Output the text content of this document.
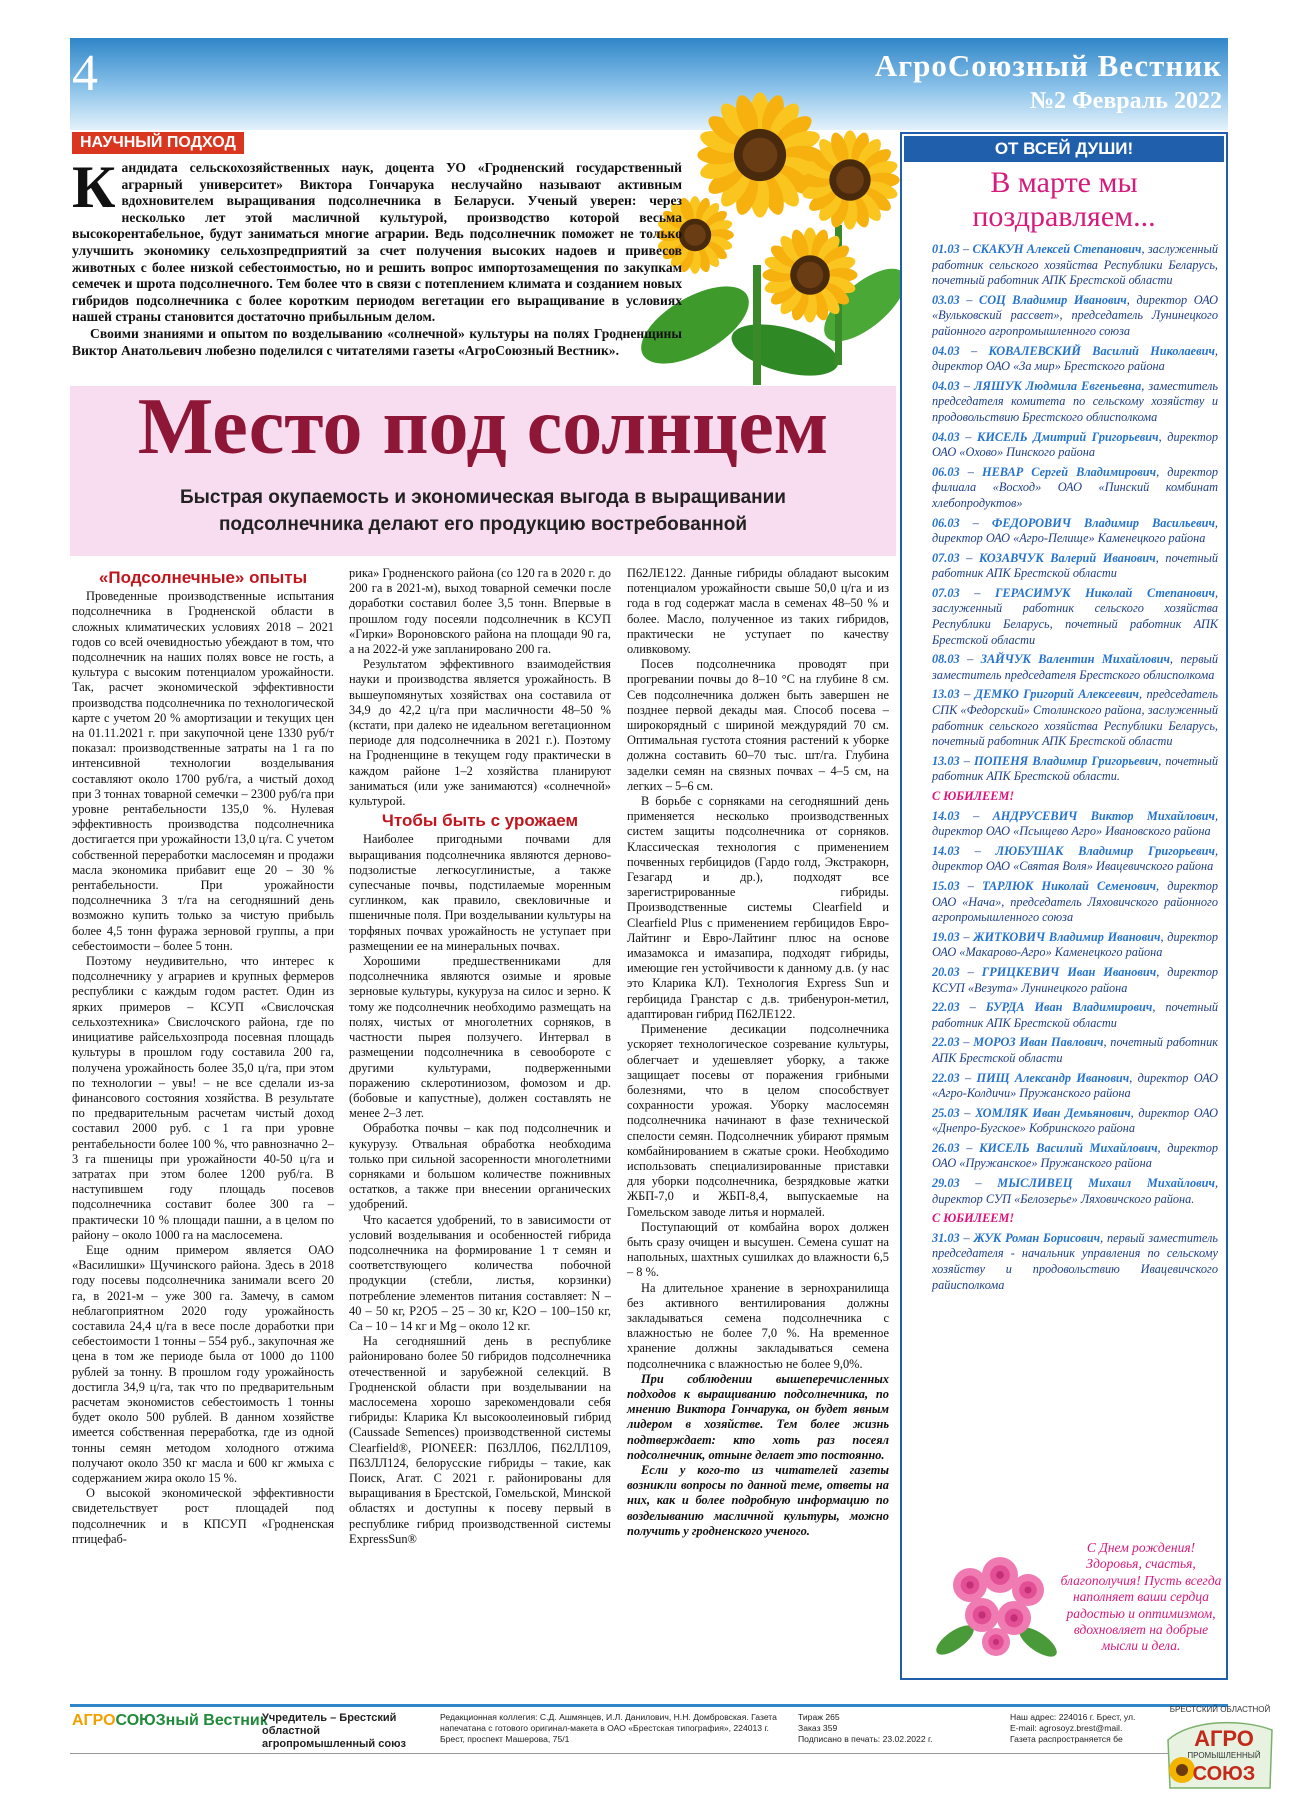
4	АгроСоюзный Вестник
№2 Февраль 2022
НАУЧНЫЙ ПОДХОД
К андидата сельскохозяйственных наук, доцента УО «Гродненский государственный аграрный университет» Виктора Гончарука неслучайно называют активным вдохновителем выращивания подсолнечника в Беларуси. Ученый уверен: через несколько лет этой масличной культурой, производство которой весьма высокорентабельное, будут заниматься многие аграрии. Ведь подсолнечник поможет не только улучшить экономику сельхозпредприятий за счет получения высоких надоев и привесов животных с более низкой себестоимостью, но и решить вопрос импортозамещения по закупкам семечек и шрота подсолнечного. Тем более что в связи с потеплением климата и созданием новых гибридов подсолнечника с более коротким периодом вегетации его выращивание в условиях нашей страны становится достаточно прибыльным делом.

Своими знаниями и опытом по возделыванию «солнечной» культуры на полях Гродненщины Виктор Анатольевич любезно поделился с читателями газеты «АгроСоюзный Вестник».

Место под солнцем
Быстрая окупаемость и экономическая выгода в выращивании подсолнечника делают его продукцию востребованной
«Подсолнечные» опыты

Проведенные производственные испытания подсолнечника в Гродненской области в сложных климатических условиях 2018 – 2021 годов со всей очевидностью убеждают в том, что подсолнечник на наших полях вовсе не гость, а культура с высоким потенциалом урожайности. Так, расчет экономической эффективности производства подсолнечника по технологической карте с учетом 20 % амортизации и текущих цен на 01.11.2021 г. при закупочной цене 1330 руб/т показал: производственные затраты на 1 га по интенсивной технологии возделывания составляют около 1700 руб/га, а чистый доход при 3 тоннах товарной семечки – 2300 руб/га при уровне рентабельности 135,0 %. Нулевая эффективность производства подсолнечника достигается при урожайности 13,0 ц/га. С учетом собственной переработки маслосемян и продажи масла экономика прибавит еще 20 – 30 % рентабельности. При урожайности подсолнечника 3 т/га на сегодняшний день возможно купить только за чистую прибыль более 4,5 тонн фуража зерновой группы, а при себестоимости – более 5 тонн.

Поэтому неудивительно, что интерес к подсолнечнику у аграриев и крупных фермеров республики с каждым годом растет. Один из ярких примеров – КСУП «Свислочская сельхозтехника» Свислочского района, где по инициативе райсельхозпрода посевная площадь культуры в прошлом году составила 200 га, получена урожайность более 35,0 ц/га, при этом по технологии – увы! – не все сделали из-за финансового состояния хозяйства. В результате по предварительным расчетам чистый доход составил 2000 руб. с 1 га при уровне рентабельности более 100 %, что равнозначно 2–3 га пшеницы при урожайности 40-50 ц/га и затратах при этом более 1200 руб/га. В наступившем году площадь посевов подсолнечника составит более 300 га – практически 10 % площади пашни, а в целом по району – около 1000 га на маслосемена.

Еще одним примером является ОАО «Василишки» Щучинского района. Здесь в 2018 году посевы подсолнечника занимали всего 20 га, в 2021-м – уже 300 га. Замечу, в самом неблагоприятном 2020 году урожайность составила 24,4 ц/га в весе после доработки при себестоимости 1 тонны – 554 руб., закупочная же цена в том же периоде была от 1000 до 1100 рублей за тонну. В прошлом году урожайность достигла 34,9 ц/га, так что по предварительным расчетам экономистов себестоимость 1 тонны будет около 500 рублей. В данном хозяйстве имеется собственная переработка, где из одной тонны семян методом холодного отжима получают около 350 кг масла и 600 кг жмыха с содержанием жира около 15 %.

О высокой экономической эффективности свидетельствует рост площадей под подсолнечник и в КПСУП «Гродненская птицефаб-

рика» Гродненского района (со 120 га в 2020 г. до 200 га в 2021-м), выход товарной семечки после доработки составил более 3,5 тонн. Впервые в прошлом году посеяли подсолнечник в КСУП «Гирки» Вороновского района на площади 90 га, а на 2022-й уже запланировано 200 га.

Результатом эффективного взаимодействия науки и производства является урожайность. В вышеупомянутых хозяйствах она составила от 34,9 до 42,2 ц/га при масличности 48–50 % (кстати, при далеко не идеальном вегетационном периоде для подсолнечника в 2021 г.). Поэтому на Гродненщине в текущем году практически в каждом районе 1–2 хозяйства планируют заниматься (или уже занимаются) «солнечной» культурой.

Чтобы быть с урожаем

Наиболее пригодными почвами для выращивания подсолнечника являются дерново-подзолистые легкосуглинистые, а также супесчаные почвы, подстилаемые моренным суглинком, как правило, свекловичные и пшеничные поля. При возделывании культуры на торфяных почвах урожайность не уступает при размещении ее на минеральных почвах.

Хорошими предшественниками для подсолнечника являются озимые и яровые зерновые культуры, кукуруза на силос и зерно. К тому же подсолнечник необходимо размещать на полях, чистых от многолетних сорняков, в частности пырея ползучего. Интервал в размещении подсолнечника в севообороте с другими культурами, подверженными поражению склеротиниозом, фомозом и др. (бобовые и капустные), должен составлять не менее 2–3 лет.

Обработка почвы – как под подсолнечник и кукурузу. Отвальная обработка необходима только при сильной засоренности многолетними сорняками и большом количестве пожнивных остатков, а также при внесении органических удобрений.

Что касается удобрений, то в зависимости от условий возделывания и особенностей гибрида подсолнечника на формирование 1 т семян и соответствующего количества побочной продукции (стебли, листья, корзинки) потребление элементов питания составляет: N – 40 – 50 кг, P2O5 – 25 – 30 кг, K2O – 100–150 кг, Ca – 10 – 14 кг и Mg – около 12 кг.

На сегодняшний день в республике районировано более 50 гибридов подсолнечника отечественной и зарубежной селекций. В Гродненской области при возделывании на маслосемена хорошо зарекомендовали себя гибриды: Кларика Кл высокоолеиновый гибрид (Caussade Semences) производственной системы Clearfield®, PIONEER: П63ЛЛ06, П62ЛЛ109, П63ЛЛ124, белорусские гибриды – такие, как Поиск, Агат. С 2021 г. районированы для выращивания в Брестской, Гомельской, Минской областях и доступны к посеву первый в республике гибрид производственной системы ExpressSun®

П62ЛЕ122. Данные гибриды обладают высоким потенциалом урожайности свыше 50,0 ц/га и из года в год содержат масла в семенах 48–50 % и более. Масло, полученное из таких гибридов, практически не уступает по качеству оливковому.

Посев подсолнечника проводят при прогревании почвы до 8–10 °С на глубине 8 см. Сев подсолнечника должен быть завершен не позднее первой декады мая. Способ посева – широкорядный с шириной междурядий 70 см. Оптимальная густота стояния растений к уборке должна составить 60–70 тыс. шт/га. Глубина заделки семян на связных почвах – 4–5 см, на легких – 5–6 см.

В борьбе с сорняками на сегодняшний день применяется несколько производственных систем защиты подсолнечника от сорняков. Классическая технология с применением почвенных гербицидов (Гардо голд, Экстракорн, Гезагард и др.), подходят все зарегистрированные гибриды. Производственные системы Clearfield и Clearfield Plus с применением гербицидов Евро-Лайтинг и Евро-Лайтинг плюс на основе имазамокса и имазапира, подходят гибриды, имеющие ген устойчивости к данному д.в. (у нас это Кларика КЛ). Технология Express Sun и гербицида Гранстар с д.в. трибенурон-метил, адаптирован гибрид П62ЛЕ122.

Применение десикации подсолнечника ускоряет технологическое созревание культуры, облегчает и удешевляет уборку, а также защищает посевы от поражения грибными болезнями, что в целом способствует сохранности урожая. Уборку маслосемян подсолнечника начинают в фазе технической спелости семян. Подсолнечник убирают прямым комбайнированием в сжатые сроки. Необходимо использовать специализированные приставки для уборки подсолнечника, безрядковые жатки ЖБП-7,0 и ЖБП-8,4, выпускаемые на Гомельском заводе литья и нормалей.

Поступающий от комбайна ворох должен быть сразу очищен и высушен. Семена сушат на напольных, шахтных сушилках до влажности 6,5 – 8 %.

На длительное хранение в зернохранилища без активного вентилирования должны закладываться семена подсолнечника с влажностью не более 7,0 %. На временное хранение должны закладываться семена подсолнечника с влажностью не более 9,0%.

При соблюдении вышеперечисленных подходов к выращиванию подсолнечника, по мнению Виктора Гончарука, он будет явным лидером в хозяйстве. Тем более жизнь подтверждает: кто хоть раз посеял подсолнечник, отныне делает это постоянно.

Если у кого-то из читателей газеты возникли вопросы по данной теме, ответы на них, как и более подробную информацию по возделыванию масличной культуры, можно получить у гродненского ученого.

ОТ ВСЕЙ ДУШИ!
В марте мы поздравляем...

01.03 – СКАКУН Алексей Степанович, заслуженный работник сельского хозяйства Республики Беларусь, почетный работник АПК Брестской области

03.03 – СОЦ Владимир Иванович, директор ОАО «Вульковский рассвет», председатель Лунинецкого районного агропромышленного союза

04.03 – КОВАЛЕВСКИЙ Василий Николаевич, директор ОАО «За мир» Брестского района

04.03 – ЛЯШУК Людмила Евгеньевна, заместитель председателя комитета по сельскому хозяйству и продовольствию Брестского облисполкома

04.03 – КИСЕЛЬ Дмитрий Григорьевич, директор ОАО «Охово» Пинского района

06.03 – НЕВАР Сергей Владимирович, директор филиала «Восход» ОАО «Пинский комбинат хлебопродуктов»

06.03 – ФЕДОРОВИЧ Владимир Васильевич, директор ОАО «Агро-Пелище» Каменецкого района

07.03 – КОЗАВЧУК Валерий Иванович, почетный работник АПК Брестской области

07.03 – ГЕРАСИМУК Николай Степанович, заслуженный работник сельского хозяйства Республики Беларусь, почетный работник АПК Брестской области

08.03 – ЗАЙЧУК Валентин Михайлович, первый заместитель председателя Брестского облисполкома

13.03 – ДЕМКО Григорий Алексеевич, председатель СПК «Федорский» Столинского района, заслуженный работник сельского хозяйства Республики Беларусь, почетный работник АПК Брестской области

13.03 – ПОПЕНЯ Владимир Григорьевич, почетный работник АПК Брестской области.

С ЮБИЛЕЕМ!

14.03 – АНДРУСЕВИЧ Виктор Михайлович, директор ОАО «Псыщево Агро» Ивановского района

14.03 – ЛЮБУШАК Владимир Григорьевич, директор ОАО «Святая Воля» Ивацевичского района

15.03 – ТАРЛЮК Николай Семенович, директор ОАО «Нача», председатель Ляховичского районного агропромышленного союза

19.03 – ЖИТКОВИЧ Владимир Иванович, директор ОАО «Макарово-Агро» Каменецкого района

20.03 – ГРИЦКЕВИЧ Иван Иванович, директор КСУП «Везута» Лунинецкого района

22.03 – БУРДА Иван Владимирович, почетный работник АПК Брестской области

22.03 – МОРОЗ Иван Павлович, почетный работник АПК Брестской области

22.03 – ПИЩ Александр Иванович, директор ОАО «Агро-Колдичи» Пружанского района

25.03 – ХОМЛЯК Иван Демьянович, директор ОАО «Днепро-Бугское» Кобринского района

26.03 – КИСЕЛЬ Василий Михайлович, директор ОАО «Пружанское» Пружанского района

29.03 – МЫСЛИВЕЦ Михаил Михайлович, директор СУП «Белозерье» Ляховичского района.

С ЮБИЛЕЕМ!

31.03 – ЖУК Роман Борисович, первый заместитель председателя - начальник управления по сельскому хозяйству и продовольствию Ивацевичского райисполкома

С Днем рождения! Здоровья, счастья, благополучия! Пусть всегда наполняет ваши сердца радостью и оптимизмом, вдохновляет на добрые мысли и дела.
АГРОСОЮЗный Вестник
Учредитель – Брестский областной агропромышленный союз
Редакционная коллегия: С.Д. Ашмянцев, И.Л. Данилович, Н.Н. Домбровская. Газета напечатана с готового оригинал-макета в ОАО «Брестская типография», 224013 г. Брест, проспект Машерова, 75/1
Тираж 265
Заказ 359
Подписано в печать: 23.02.2022 г.
Наш адрес: 224016 г. Брест, ул.
E-mail: agrosoyz.brest@mail.
Газета распространяется бе
БРЕСТСКИЙ ОБЛАСТНОЙ
АГРО
ПРОМЫШЛЕННЫЙ
СОЮЗ
